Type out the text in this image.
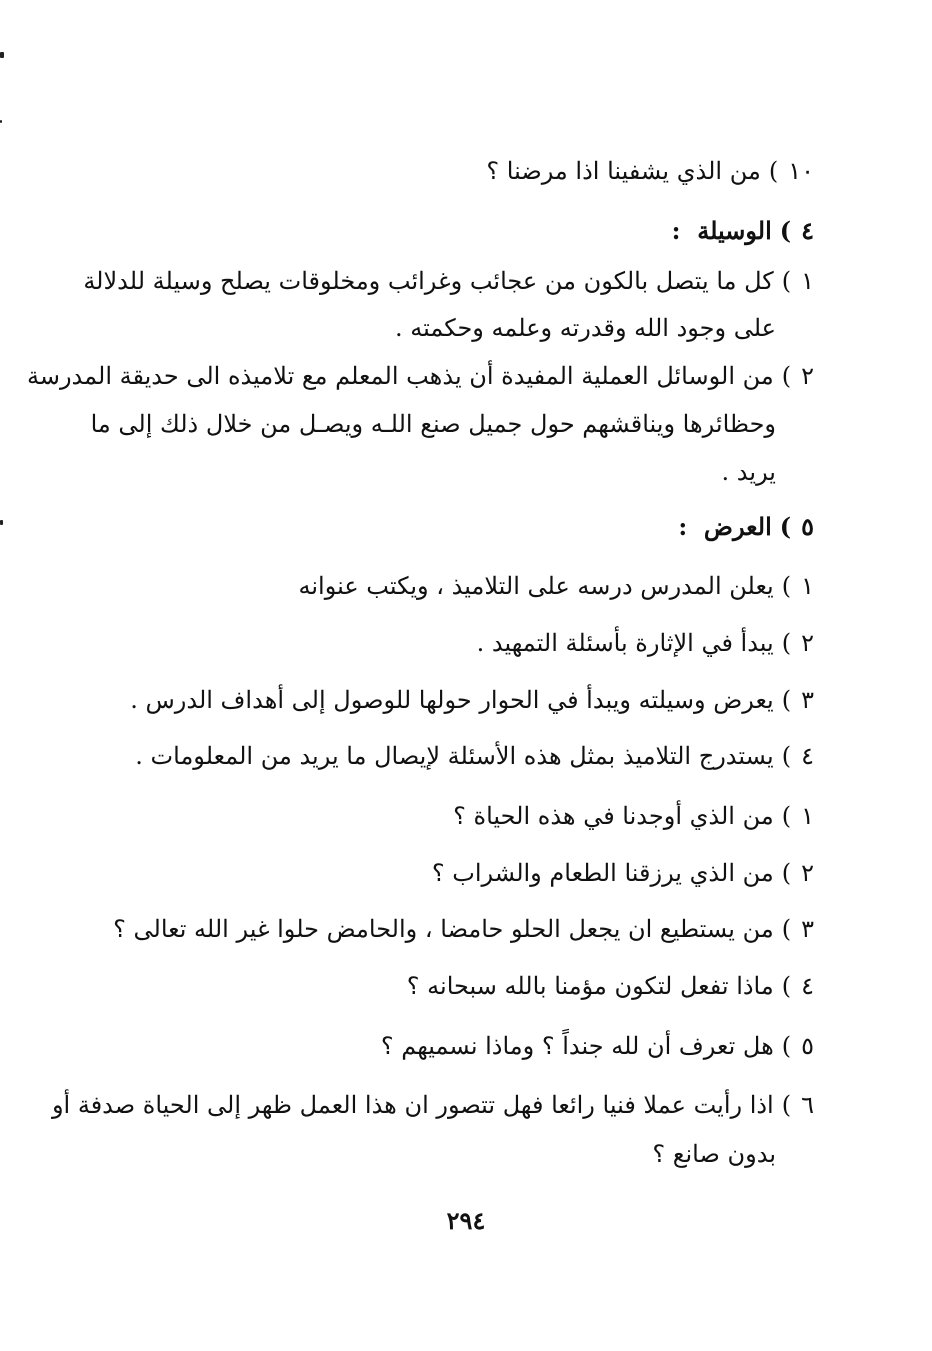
١٠)من الذي يشفينا اذا مرضنا ؟
٤)الوسيلة  :
١)كل ما يتصل بالكون من عجائب وغرائب ومخلوقات يصلح وسيلة للدلالة
على وجود الله وقدرته وعلمه وحكمته .
٢)من الوسائل العملية المفيدة أن يذهب المعلم مع تلاميذه الى حديقة المدرسة
وحظائرها ويناقشهم حول جميل صنع اللـه ويصـل من خلال ذلك إلى ما
يريد .
٥)العرض  :
١)يعلن المدرس درسه على التلاميذ ، ويكتب عنوانه
٢)يبدأ في الإثارة بأسئلة التمهيد .
٣)يعرض وسيلته ويبدأ في الحوار حولها للوصول إلى أهداف الدرس .
٤)يستدرج التلاميذ بمثل هذه الأسئلة لإيصال ما يريد من المعلومات .
١)من الذي أوجدنا في هذه الحياة ؟
٢)من الذي يرزقنا الطعام والشراب ؟
٣)من يستطيع ان يجعل الحلو حامضا ، والحامض حلوا غير الله تعالى ؟
٤)ماذا تفعل لتكون مؤمنا بالله سبحانه ؟
٥)هل تعرف أن لله جنداً ؟ وماذا نسميهم ؟
٦)اذا رأيت عملا فنيا رائعا فهل تتصور ان هذا العمل ظهر إلى الحياة صدفة أو
بدون صانع ؟
٢٩٤
